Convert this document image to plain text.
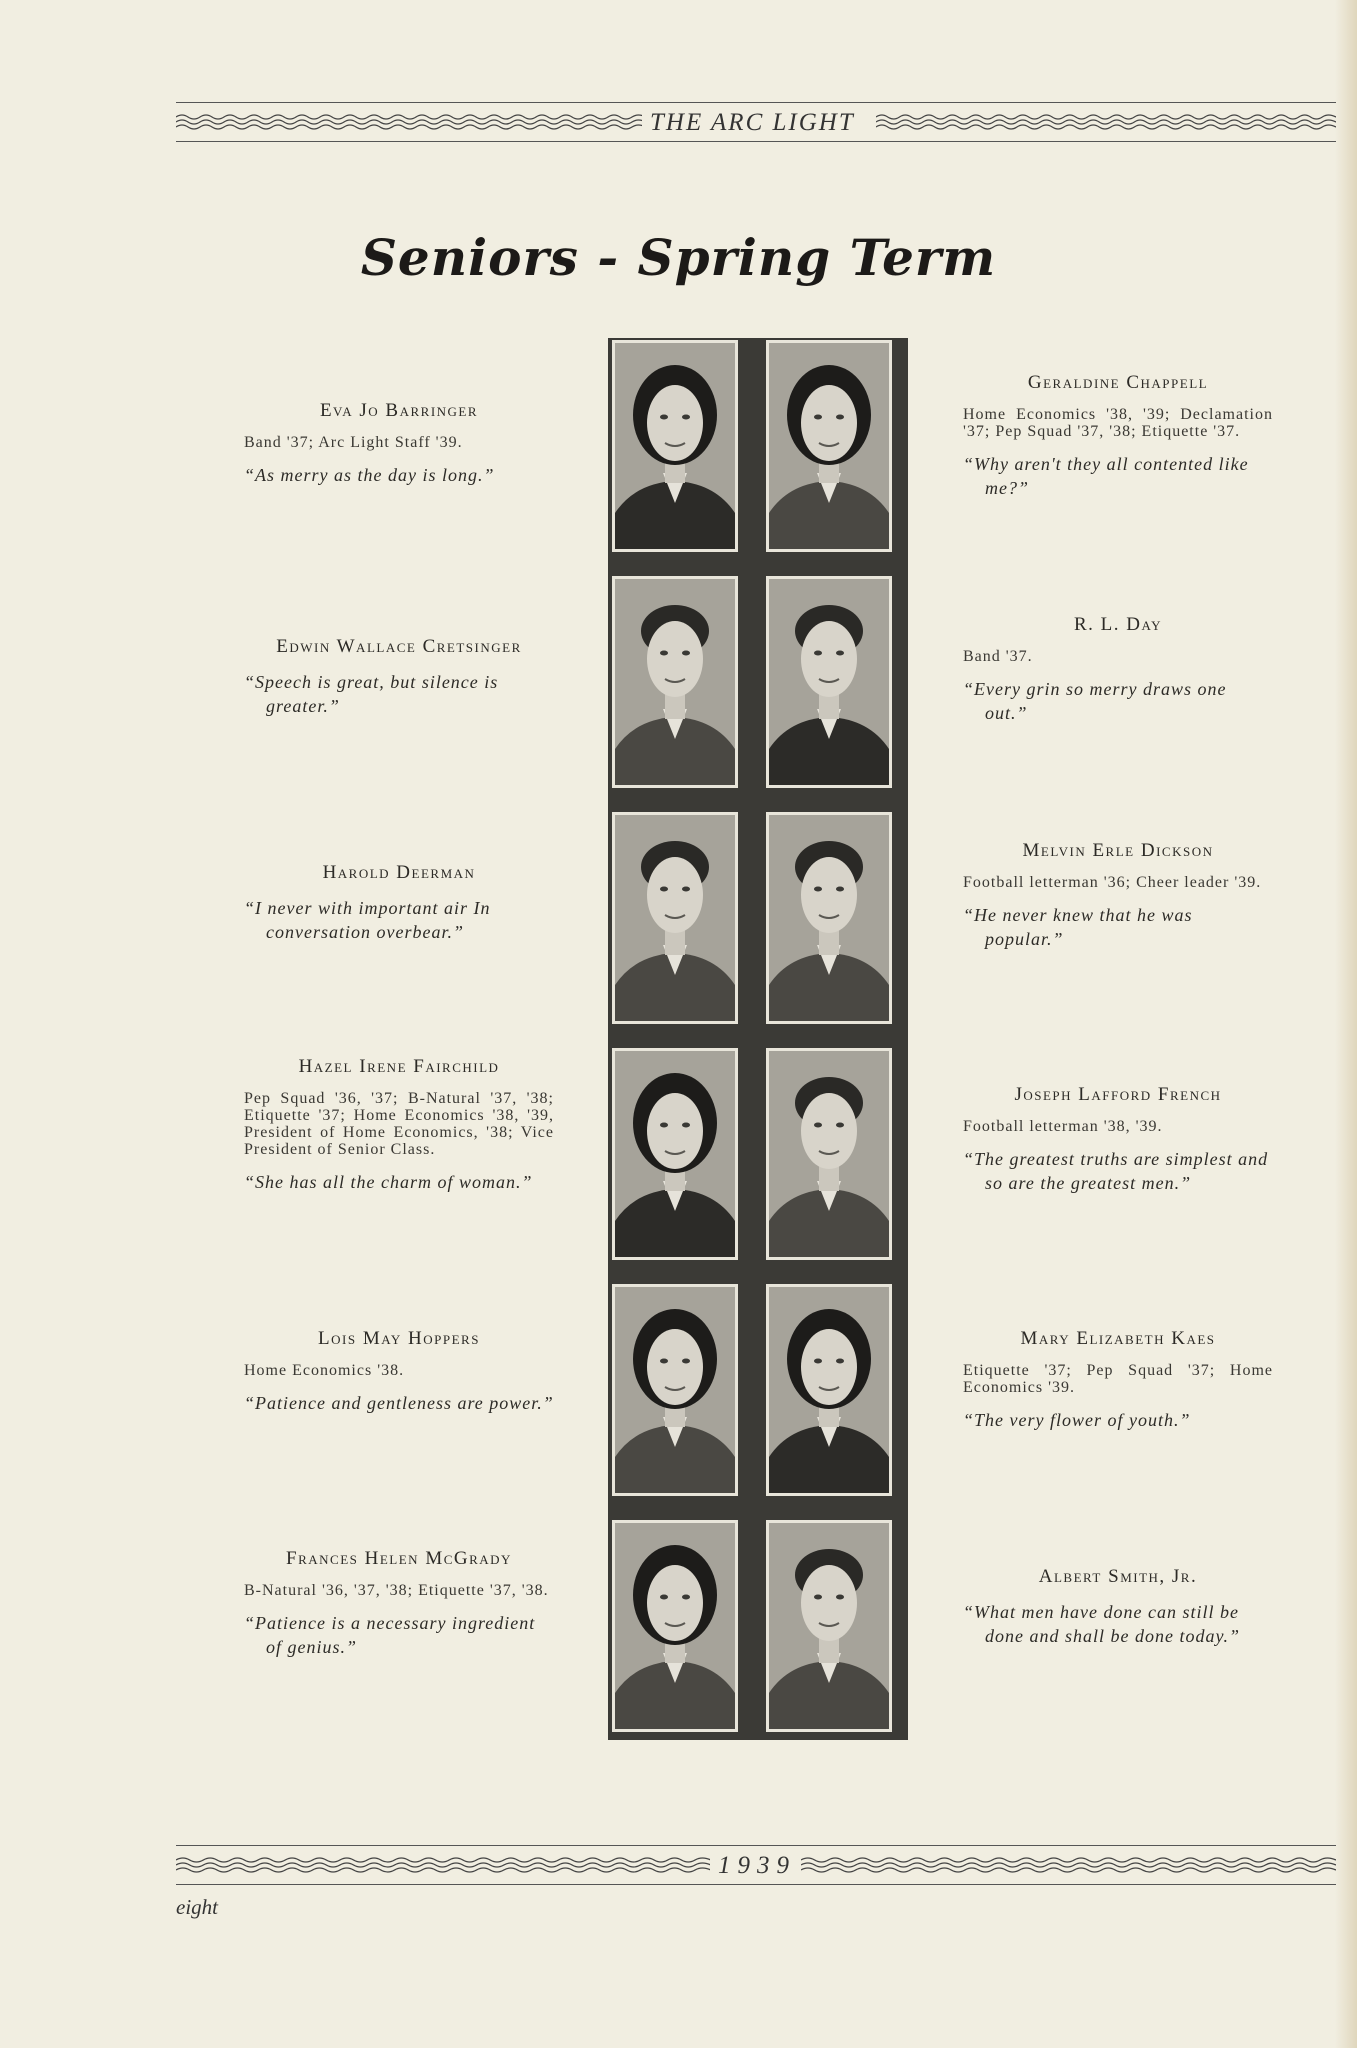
THE ARC LIGHT
Seniors - Spring Term
Eva Jo Barringer
Band '37; Arc Light Staff '39.
“As merry as the day is long.”
Edwin Wallace Cretsinger
“Speech is great, but silence is greater.”
Harold Deerman
“I never with important air In conversation overbear.”
Hazel Irene Fairchild
Pep Squad '36, '37; B-Natural '37, '38; Etiquette '37; Home Economics '38, '39, President of Home Economics, '38; Vice President of Senior Class.
“She has all the charm of woman.”
Lois May Hoppers
Home Economics '38.
“Patience and gentleness are power.”
Frances Helen McGrady
B-Natural '36, '37, '38; Etiquette '37, '38.
“Patience is a necessary ingredient of genius.”
Geraldine Chappell
Home Economics '38, '39; Declamation '37; Pep Squad '37, '38; Etiquette '37.
“Why aren't they all contented like me?”
R. L. Day
Band '37.
“Every grin so merry draws one out.”
Melvin Erle Dickson
Football letterman '36; Cheer leader '39.
“He never knew that he was popular.”
Joseph Lafford French
Football letterman '38, '39.
“The greatest truths are simplest and so are the greatest men.”
Mary Elizabeth Kaes
Etiquette '37; Pep Squad '37; Home Economics '39.
“The very flower of youth.”
Albert Smith, Jr.
“What men have done can still be done and shall be done today.”
1939
eight
